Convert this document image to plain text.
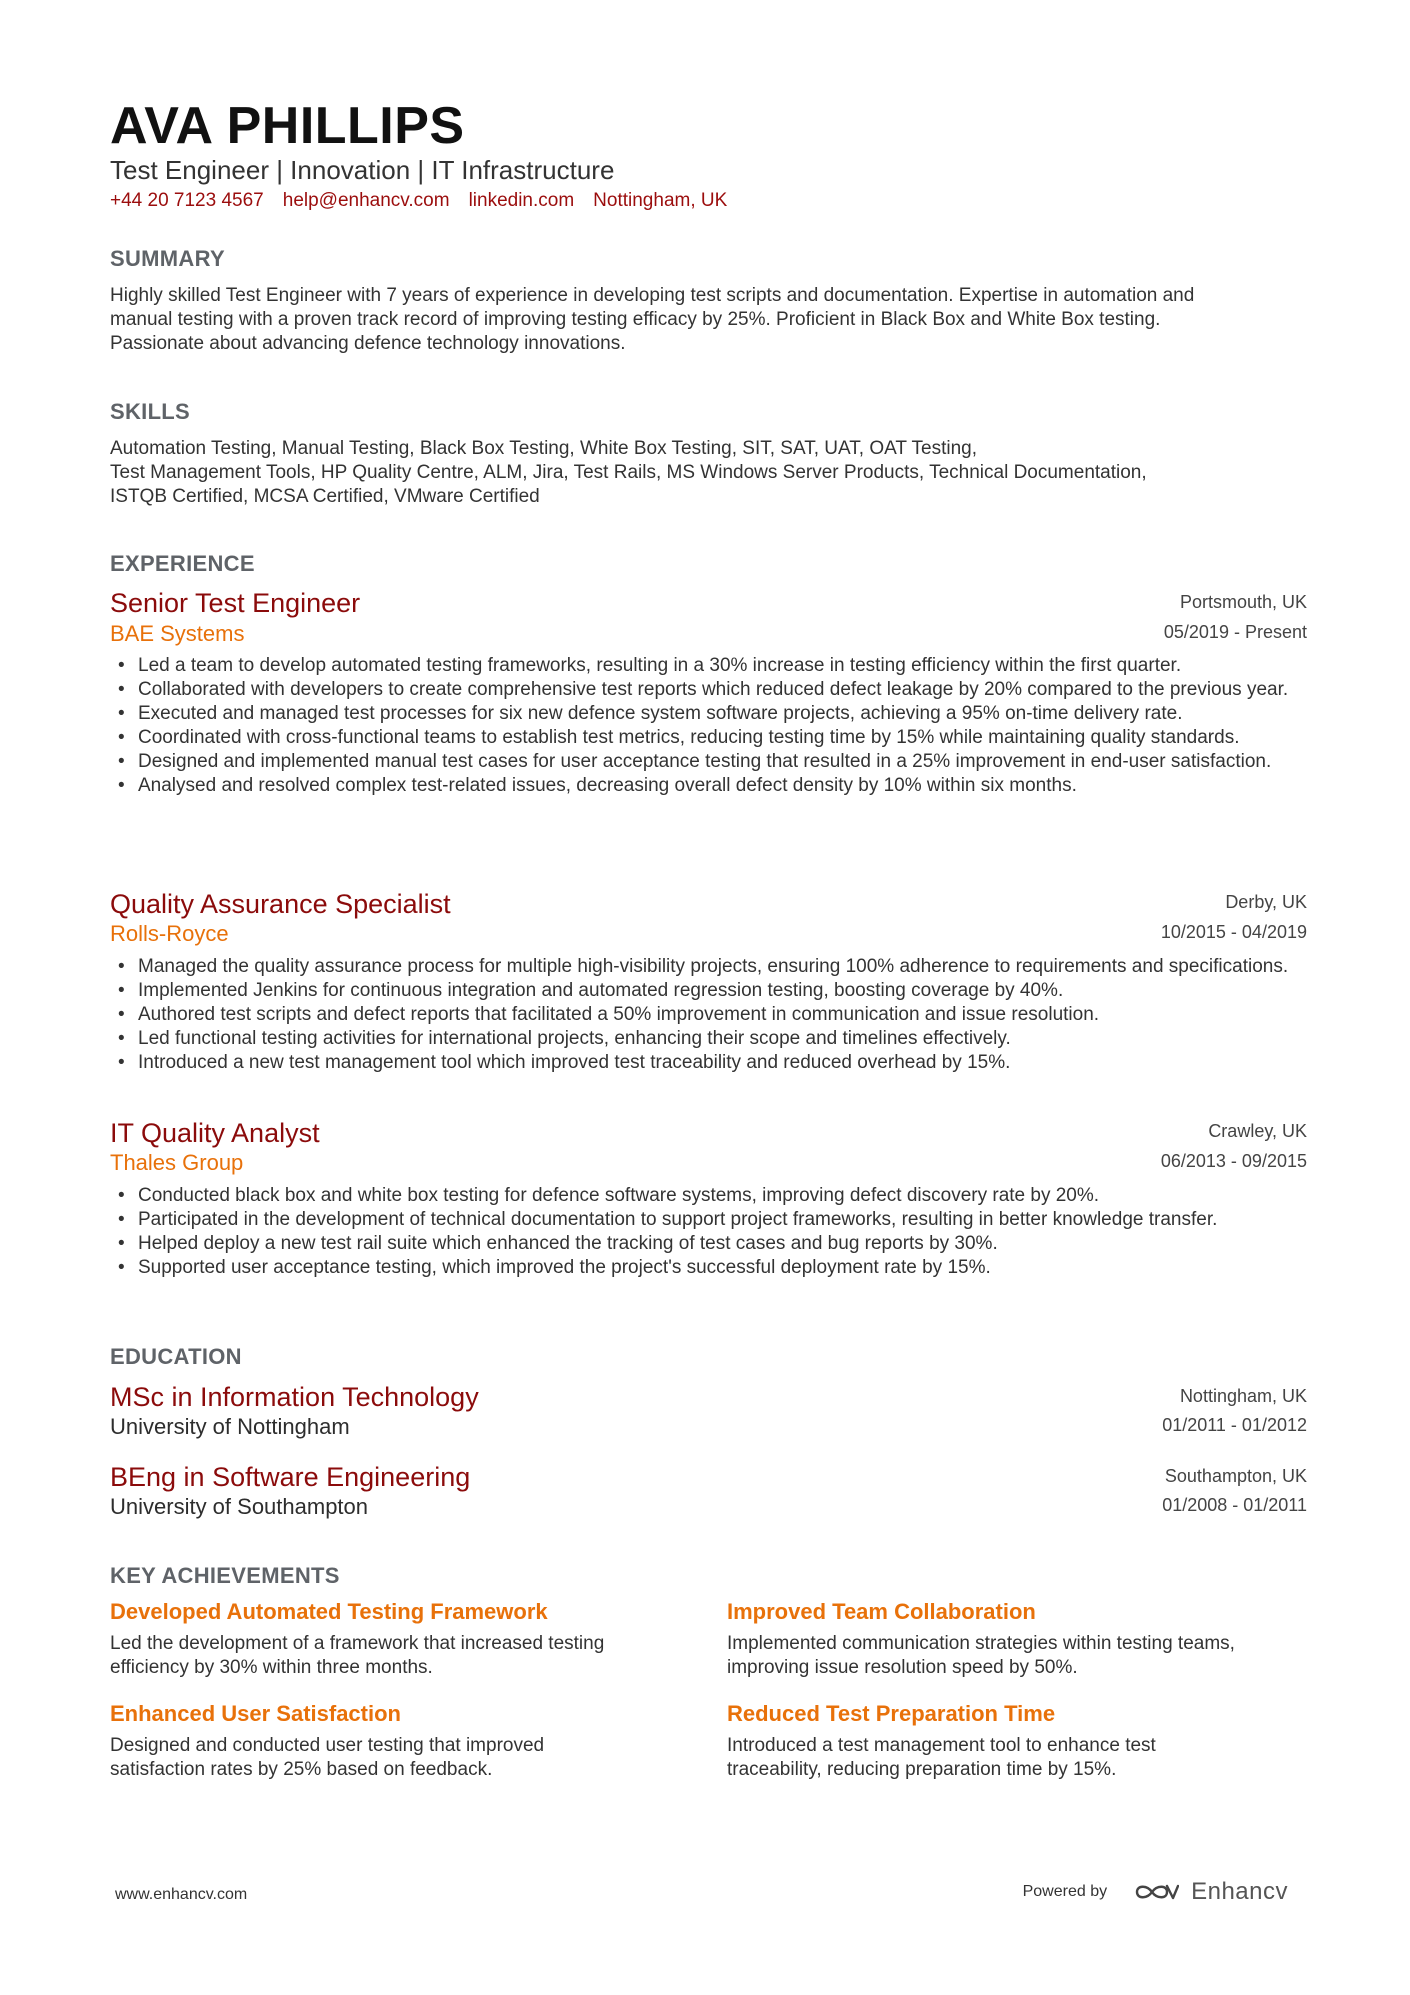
AVA PHILLIPS
Test Engineer | Innovation | IT Infrastructure
+44 20 7123 4567 help@enhancv.com linkedin.com Nottingham, UK
SUMMARY
Highly skilled Test Engineer with 7 years of experience in developing test scripts and documentation. Expertise in automation and
manual testing with a proven track record of improving testing efficacy by 25%. Proficient in Black Box and White Box testing.
Passionate about advancing defence technology innovations.
SKILLS
Automation Testing, Manual Testing, Black Box Testing, White Box Testing, SIT, SAT, UAT, OAT Testing,
Test Management Tools, HP Quality Centre, ALM, Jira, Test Rails, MS Windows Server Products, Technical Documentation,
ISTQB Certified, MCSA Certified, VMware Certified
EXPERIENCE
Senior Test Engineer
BAE Systems
Portsmouth, UK
05/2019 - Present
• Led a team to develop automated testing frameworks, resulting in a 30% increase in testing efficiency within the first quarter.
• Collaborated with developers to create comprehensive test reports which reduced defect leakage by 20% compared to the previous year.
• Executed and managed test processes for six new defence system software projects, achieving a 95% on-time delivery rate.
• Coordinated with cross-functional teams to establish test metrics, reducing testing time by 15% while maintaining quality standards.
• Designed and implemented manual test cases for user acceptance testing that resulted in a 25% improvement in end-user satisfaction.
• Analysed and resolved complex test-related issues, decreasing overall defect density by 10% within six months.
Quality Assurance Specialist
Rolls-Royce
Derby, UK
10/2015 - 04/2019
• Managed the quality assurance process for multiple high-visibility projects, ensuring 100% adherence to requirements and specifications.
• Implemented Jenkins for continuous integration and automated regression testing, boosting coverage by 40%.
• Authored test scripts and defect reports that facilitated a 50% improvement in communication and issue resolution.
• Led functional testing activities for international projects, enhancing their scope and timelines effectively.
• Introduced a new test management tool which improved test traceability and reduced overhead by 15%.
IT Quality Analyst
Thales Group
Crawley, UK
06/2013 - 09/2015
• Conducted black box and white box testing for defence software systems, improving defect discovery rate by 20%.
• Participated in the development of technical documentation to support project frameworks, resulting in better knowledge transfer.
• Helped deploy a new test rail suite which enhanced the tracking of test cases and bug reports by 30%.
• Supported user acceptance testing, which improved the project's successful deployment rate by 15%.
EDUCATION
MSc in Information Technology
University of Nottingham
Nottingham, UK
01/2011 - 01/2012
BEng in Software Engineering
University of Southampton
Southampton, UK
01/2008 - 01/2011
KEY ACHIEVEMENTS
Developed Automated Testing Framework
Led the development of a framework that increased testing
efficiency by 30% within three months.
Improved Team Collaboration
Implemented communication strategies within testing teams,
improving issue resolution speed by 50%.
Enhanced User Satisfaction
Designed and conducted user testing that improved
satisfaction rates by 25% based on feedback.
Reduced Test Preparation Time
Introduced a test management tool to enhance test
traceability, reducing preparation time by 15%.
www.enhancv.com	Powered by	Enhancv
